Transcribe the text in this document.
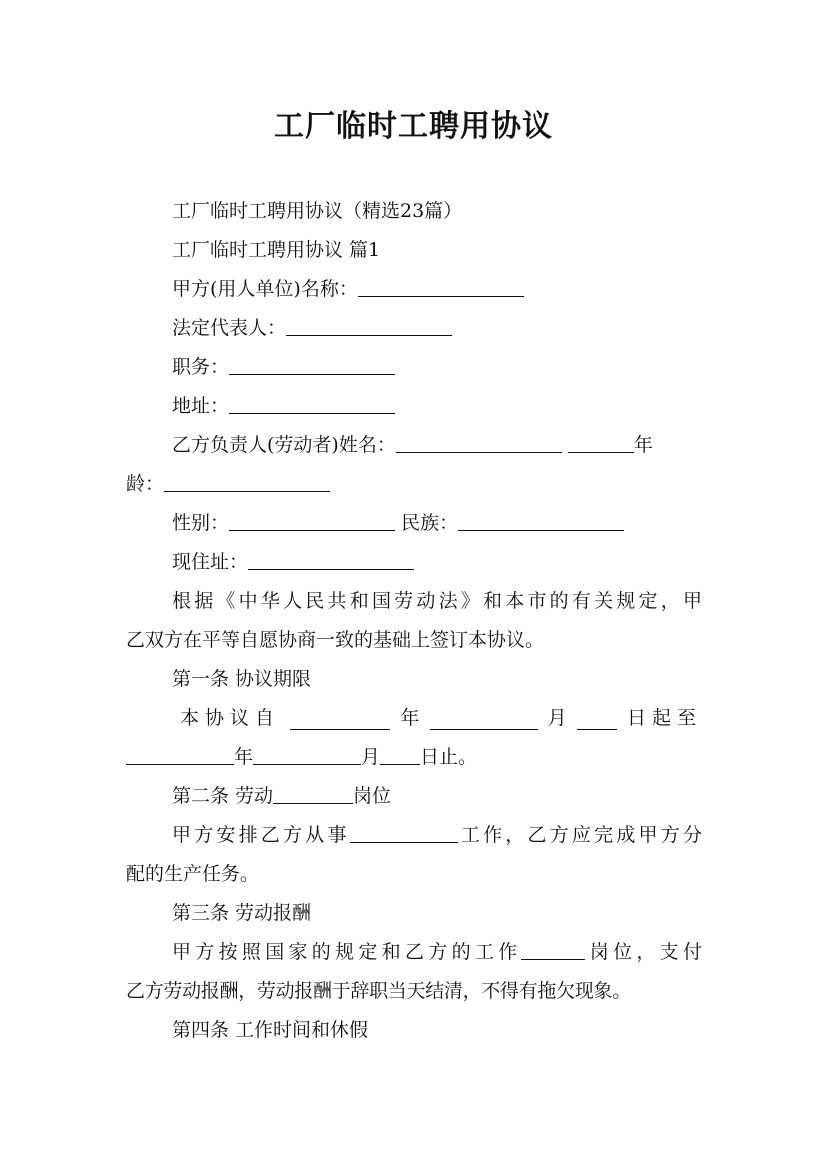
工厂临时工聘用协议
工厂临时工聘用协议（精选23篇）
工厂临时工聘用协议 篇1
甲方(用人单位)名称：
法定代表人：
职务：
地址：
乙方负责人(劳动者)姓名：	年
龄：
性别：	民族：
现住址：
根据《中华人民共和国劳动法》和本市的有关规定，甲
乙双方在平等自愿协商一致的基础上签订本协议。
第一条 协议期限
本协议自	年	月	日起至
年	月 日止。
第二条 劳动	岗位
甲方安排乙方从事	工作，乙方应完成甲方分
配的生产任务。
第三条 劳动报酬
甲方按照国家的规定和乙方的工作	岗位，支付
乙方劳动报酬，劳动报酬于辞职当天结清，不得有拖欠现象。
第四条 工作时间和休假
